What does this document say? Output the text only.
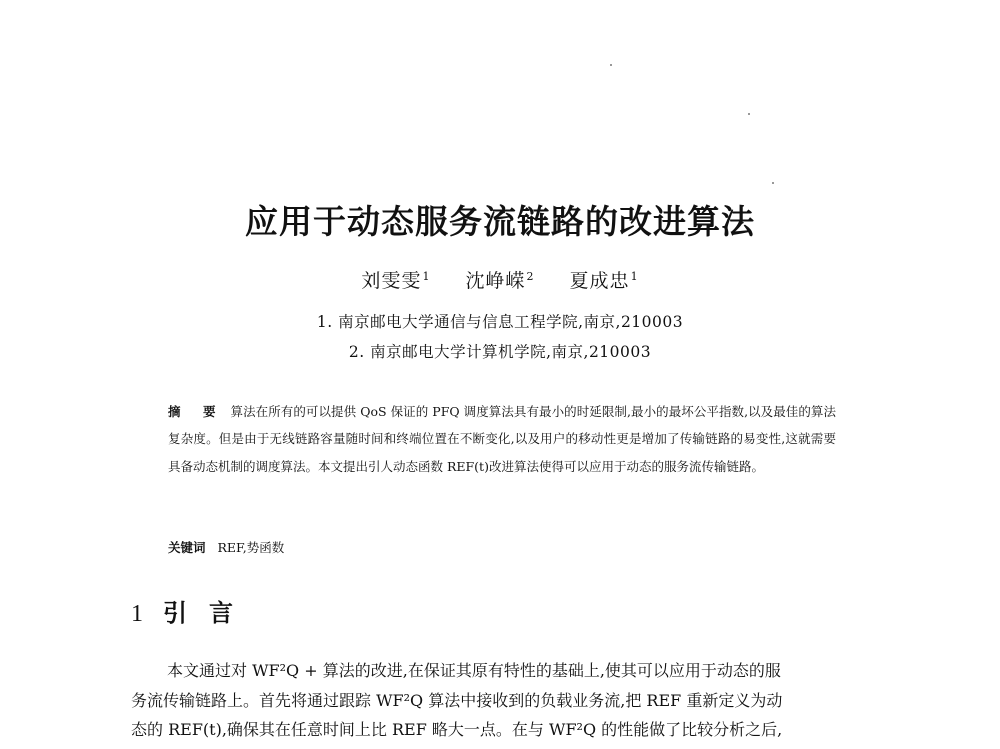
应用于动态服务流链路的改进算法
刘雯雯$^1$ 沈峥嵘$^2$ 夏成忠$^1$
1. 南京邮电大学通信与信息工程学院,南京,210003
2. 南京邮电大学计算机学院,南京,210003
摘 要 算法在所有的可以提供 QoS 保证的 PFQ 调度算法具有最小的时延限制,最小的最坏公平指数,以及最佳的算法复杂度。但是由于无线链路容量随时间和终端位置在不断变化,以及用户的移动性更是增加了传输链路的易变性,这就需要具备动态机制的调度算法。本文提出引人动态函数 REF(t)改进算法使得可以应用于动态的服务流传输链路。
关键词 REF,势函数
1 引言
本文通过对 WF²Q + 算法的改进,在保证其原有特性的基础上,使其可以应用于动态的服
务流传输链路上。首先将通过跟踪 WF²Q 算法中接收到的负载业务流,把 REF 重新定义为动
态的 REF(t),确保其在任意时间上比 REF 略大一点。在与 WF²Q 的性能做了比较分析之后,
